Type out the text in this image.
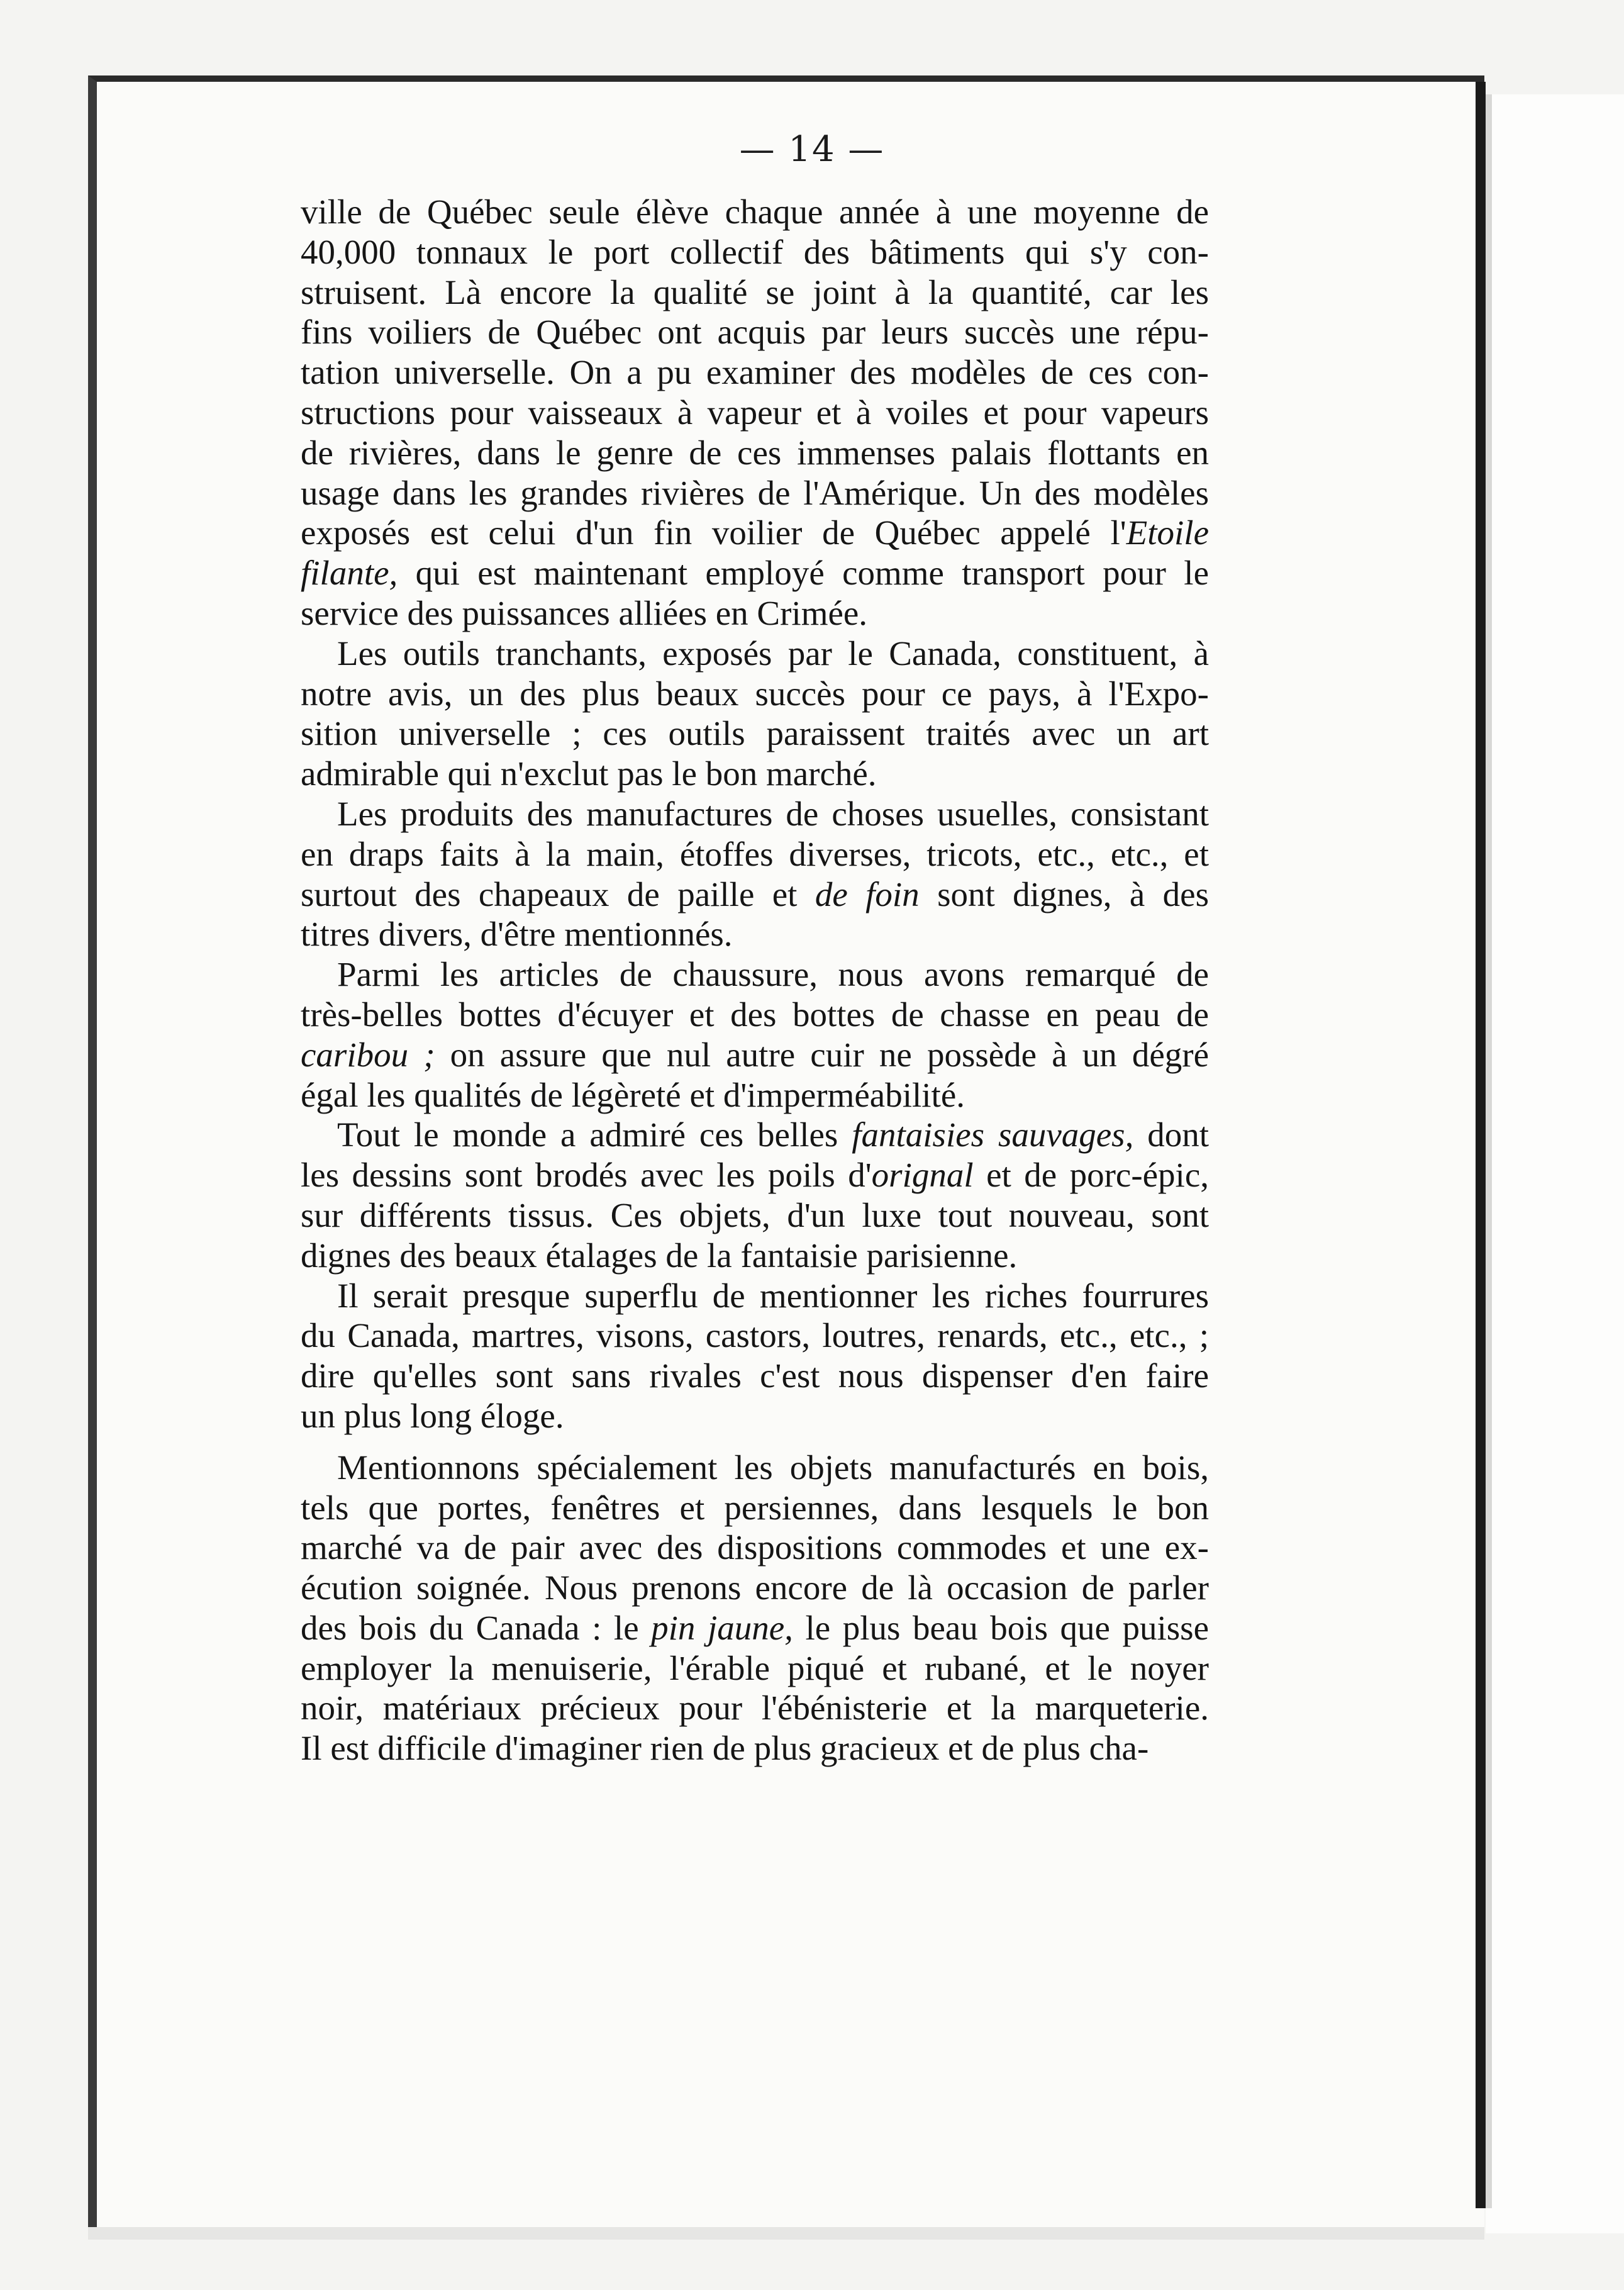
— 14 —
ville de Québec seule élève chaque année à une moyenne de
40,000 tonnaux le port collectif des bâtiments qui s'y con-
struisent. Là encore la qualité se joint à la quantité, car les
fins voiliers de Québec ont acquis par leurs succès une répu-
tation universelle. On a pu examiner des modèles de ces con-
structions pour vaisseaux à vapeur et à voiles et pour vapeurs
de rivières, dans le genre de ces immenses palais flottants en
usage dans les grandes rivières de l'Amérique. Un des modèles
exposés est celui d'un fin voilier de Québec appelé l'Etoile
filante, qui est maintenant employé comme transport pour le
service des puissances alliées en Crimée.
Les outils tranchants, exposés par le Canada, constituent, à
notre avis, un des plus beaux succès pour ce pays, à l'Expo-
sition universelle ; ces outils paraissent traités avec un art
admirable qui n'exclut pas le bon marché.
Les produits des manufactures de choses usuelles, consistant
en draps faits à la main, étoffes diverses, tricots, etc., etc., et
surtout des chapeaux de paille et de foin sont dignes, à des
titres divers, d'être mentionnés.
Parmi les articles de chaussure, nous avons remarqué de
très-belles bottes d'écuyer et des bottes de chasse en peau de
caribou ; on assure que nul autre cuir ne possède à un dégré
égal les qualités de légèreté et d'imperméabilité.
Tout le monde a admiré ces belles fantaisies sauvages, dont
les dessins sont brodés avec les poils d'orignal et de porc-épic,
sur différents tissus. Ces objets, d'un luxe tout nouveau, sont
dignes des beaux étalages de la fantaisie parisienne.
Il serait presque superflu de mentionner les riches fourrures
du Canada, martres, visons, castors, loutres, renards, etc., etc., ;
dire qu'elles sont sans rivales c'est nous dispenser d'en faire
un plus long éloge.
Mentionnons spécialement les objets manufacturés en bois,
tels que portes, fenêtres et persiennes, dans lesquels le bon
marché va de pair avec des dispositions commodes et une ex-
écution soignée. Nous prenons encore de là occasion de parler
des bois du Canada : le pin jaune, le plus beau bois que puisse
employer la menuiserie, l'érable piqué et rubané, et le noyer
noir, matériaux précieux pour l'ébénisterie et la marqueterie.
Il est difficile d'imaginer rien de plus gracieux et de plus cha-
